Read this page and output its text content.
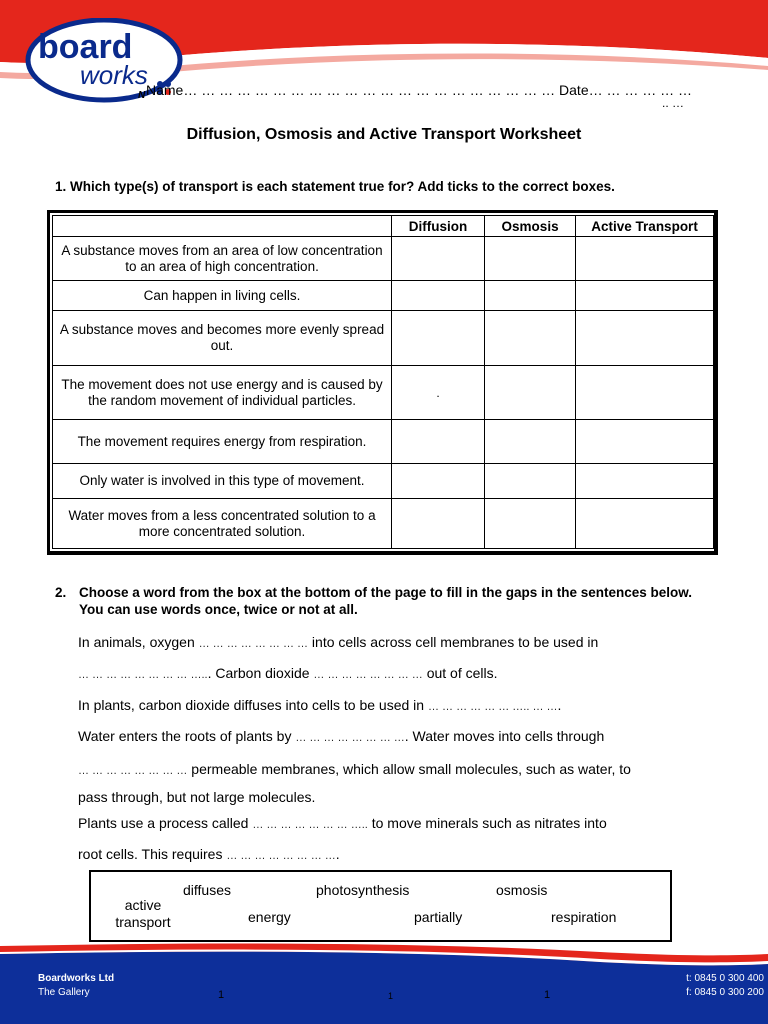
board
works
N Name… … … … … … … … … … … … … … … … … … … … … Date… … … … … …
.. …
Diffusion, Osmosis and Active Transport Worksheet
1. Which type(s) of transport is each statement true for? Add ticks to the correct boxes.
	Diffusion	Osmosis	Active Transport
A substance moves from an area of low concentration to an area of high concentration.			
Can happen in living cells.			
A substance moves and becomes more evenly spread out.			
The movement does not use energy and is caused by the random movement of individual particles.	.		
The movement requires energy from respiration.			
Only water is involved in this type of movement.			
Water moves from a less concentrated solution to a more concentrated solution.			
2. Choose a word from the box at the bottom of the page to fill in the gaps in the sentences below. You can use words once, twice or not at all.
In animals, oxygen … … … … … … … … into cells across cell membranes to be used in
… … … … … … … … …... Carbon dioxide … … … … … … … … out of cells.
In plants, carbon dioxide diffuses into cells to be used in … … … … … … ….. … ….
Water enters the roots of plants by … … … … … … … …. Water moves into cells through
… … … … … … … … permeable membranes, which allow small molecules, such as water, to
pass through, but not large molecules.
Plants use a process called … … … … … … … ….. to move minerals such as nitrates into
root cells. This requires … … … … … … … ….
diffuses	photosynthesis	osmosis
active transport	energy	partially	respiration
Boardworks Ltd
The Gallery
t: 0845 0 300 400
f: 0845 0 300 200
1	1	1
